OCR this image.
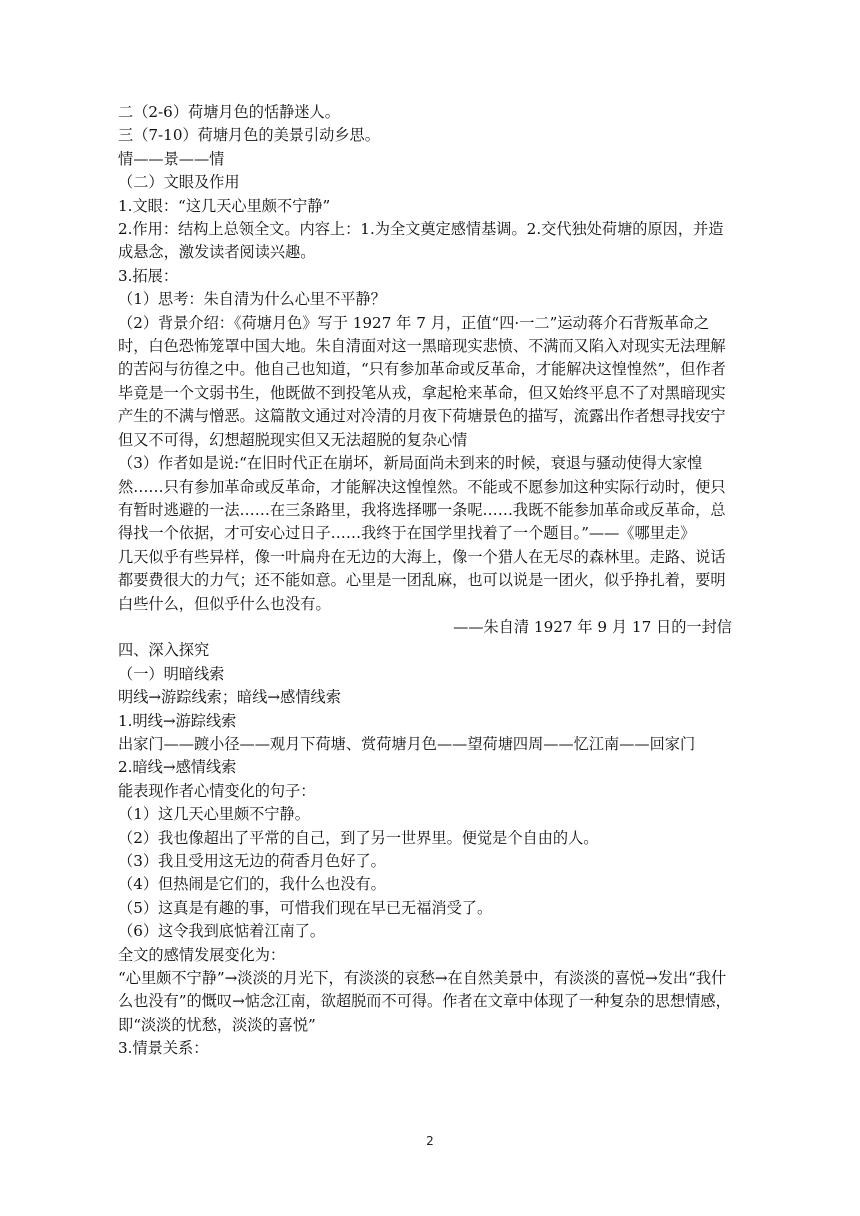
二（2-6）荷塘月色的恬静迷人。

三（7-10）荷塘月色的美景引动乡思。

情——景——情

（二）文眼及作用

1.文眼：“这几天心里颇不宁静”

2.作用：结构上总领全文。内容上：1.为全文奠定感情基调。2.交代独处荷塘的原因，并造成悬念，激发读者阅读兴趣。

3.拓展：

（1）思考：朱自清为什么心里不平静？

（2）背景介绍：《荷塘月色》写于 1927 年 7 月，正值“四·一二”运动蒋介石背叛革命之时，白色恐怖笼罩中国大地。朱自清面对这一黑暗现实悲愤、不满而又陷入对现实无法理解的苦闷与彷徨之中。他自己也知道，“只有参加革命或反革命，才能解决这惶惶然”，但作者毕竟是一个文弱书生，他既做不到投笔从戎，拿起枪来革命，但又始终平息不了对黑暗现实产生的不满与憎恶。这篇散文通过对冷清的月夜下荷塘景色的描写，流露出作者想寻找安宁但又不可得，幻想超脱现实但又无法超脱的复杂心情

（3）作者如是说:“在旧时代正在崩坏，新局面尚未到来的时候，衰退与骚动使得大家惶然……只有参加革命或反革命，才能解决这惶惶然。不能或不愿参加这种实际行动时，便只有暂时逃避的一法……在三条路里，我将选择哪一条呢……我既不能参加革命或反革命，总得找一个依据，才可安心过日子……我终于在国学里找着了一个题目。”——《哪里走》

几天似乎有些异样，像一叶扁舟在无边的大海上，像一个猎人在无尽的森林里。走路、说话都要费很大的力气；还不能如意。心里是一团乱麻，也可以说是一团火，似乎挣扎着，要明白些什么，但似乎什么也没有。

——朱自清 1927 年 9 月 17 日的一封信

四、深入探究

（一）明暗线索

明线→游踪线索；暗线→感情线索

1.明线→游踪线索

出家门——踱小径——观月下荷塘、赏荷塘月色——望荷塘四周——忆江南——回家门

2.暗线→感情线索

能表现作者心情变化的句子：

（1）这几天心里颇不宁静。

（2）我也像超出了平常的自己，到了另一世界里。便觉是个自由的人。

（3）我且受用这无边的荷香月色好了。

（4）但热闹是它们的，我什么也没有。

（5）这真是有趣的事，可惜我们现在早已无福消受了。

（6）这令我到底惦着江南了。

全文的感情发展变化为：

“心里颇不宁静”→淡淡的月光下，有淡淡的哀愁→在自然美景中，有淡淡的喜悦→发出“我什么也没有”的慨叹→惦念江南，欲超脱而不可得。作者在文章中体现了一种复杂的思想情感，即“淡淡的忧愁，淡淡的喜悦”

3.情景关系：

2
